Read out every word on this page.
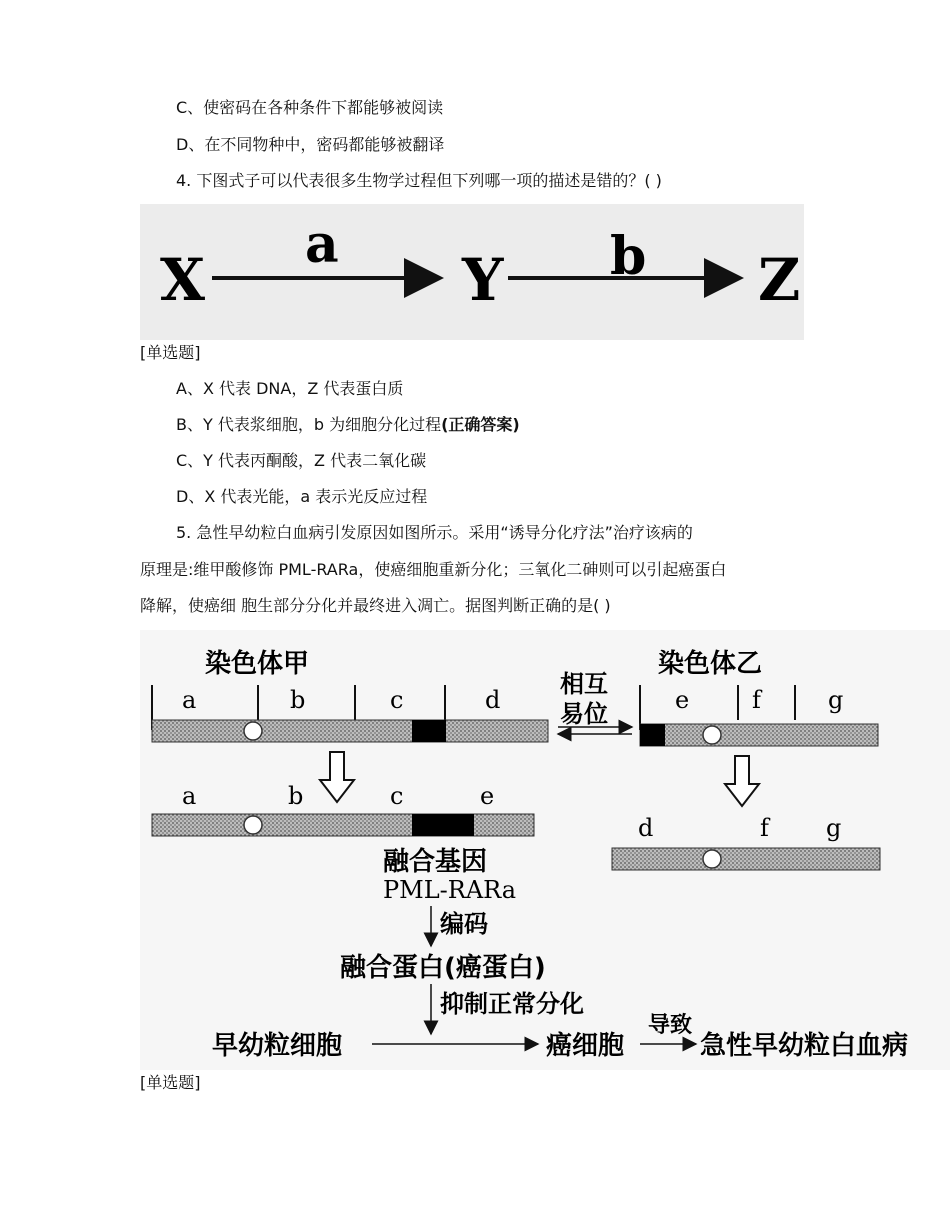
C、使密码在各种条件下都能够被阅读
D、在不同物种中，密码都能够被翻译
4. 下图式子可以代表很多生物学过程但下列哪一项的描述是错的？( )
X
a
Y b Z
[单选题]
A、X 代表 DNA，Z 代表蛋白质
B、Y 代表浆细胞，b 为细胞分化过程(正确答案)
C、Y 代表丙酮酸，Z 代表二氧化碳
D、X 代表光能，a 表示光反应过程
5. 急性早幼粒白血病引发原因如图所示。采用“诱导分化疗法”治疗该病的
原理是:维甲酸修饰 PML-RARa，使癌细胞重新分化；三氧化二砷则可以引起癌蛋白
降解，使癌细 胞生部分分化并最终进入凋亡。据图判断正确的是( )
染色体甲	染色体乙
a	b	c	d
相互
易位	e	f	g
a	b	c	e
d	f g
融合基因
PML-RARa
编码
融合蛋白(癌蛋白)
抑制正常分化
早幼粒细胞	癌细胞
导致
急性早幼粒白血病
[单选题]
